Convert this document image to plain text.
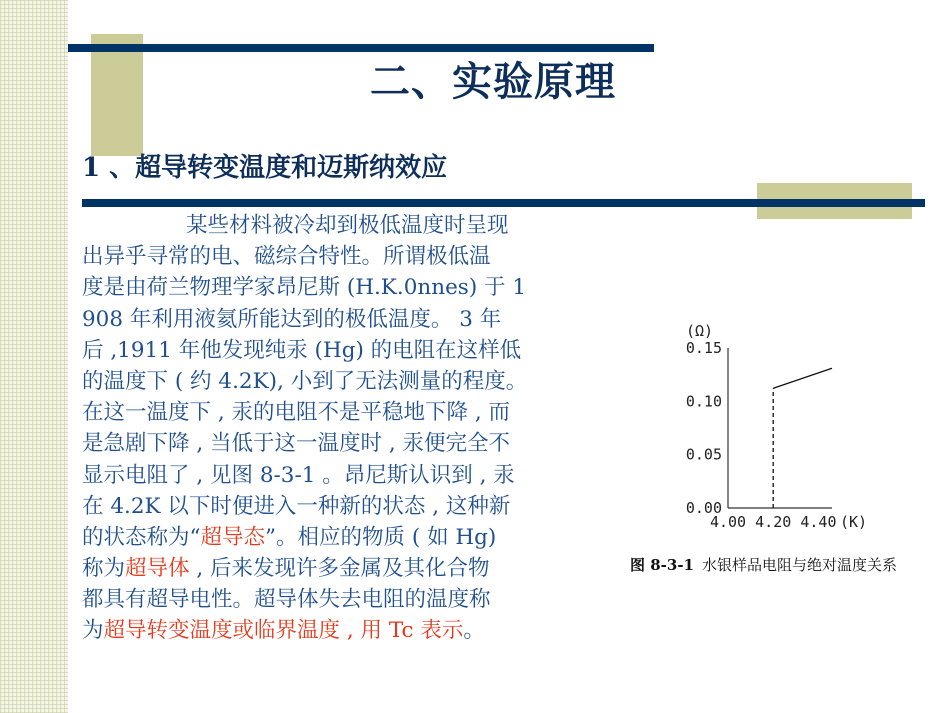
二、实验原理
1 、超导转变温度和迈斯纳效应
某些材料被冷却到极低温度时呈现
出异乎寻常的电、磁综合特性。所谓极低温
度是由荷兰物理学家昂尼斯 (H.K.0nnes) 于 1
908 年利用液氦所能达到的极低温度。 3 年
后 ,1911 年他发现纯汞 (Hg) 的电阻在这样低
的温度下 ( 约 4.2K), 小到了无法测量的程度。
在这一温度下 , 汞的电阻不是平稳地下降 , 而
是急剧下降 , 当低于这一温度时 , 汞便完全不
显示电阻了 , 见图 8-3-1 。昂尼斯认识到 , 汞
在 4.2K 以下时便进入一种新的状态 , 这种新
的状态称为“超导态”。相应的物质 ( 如 Hg)
称为超导体 , 后来发现许多金属及其化合物
都具有超导电性。超导体失去电阻的温度称
为超导转变温度或临界温度 , 用 Tc 表示。
0.15
0.10
0.05
0.00
4.00 4.20 4.40
(Ω)
(K)
图 8-3-1 水银样品电阻与绝对温度关系
